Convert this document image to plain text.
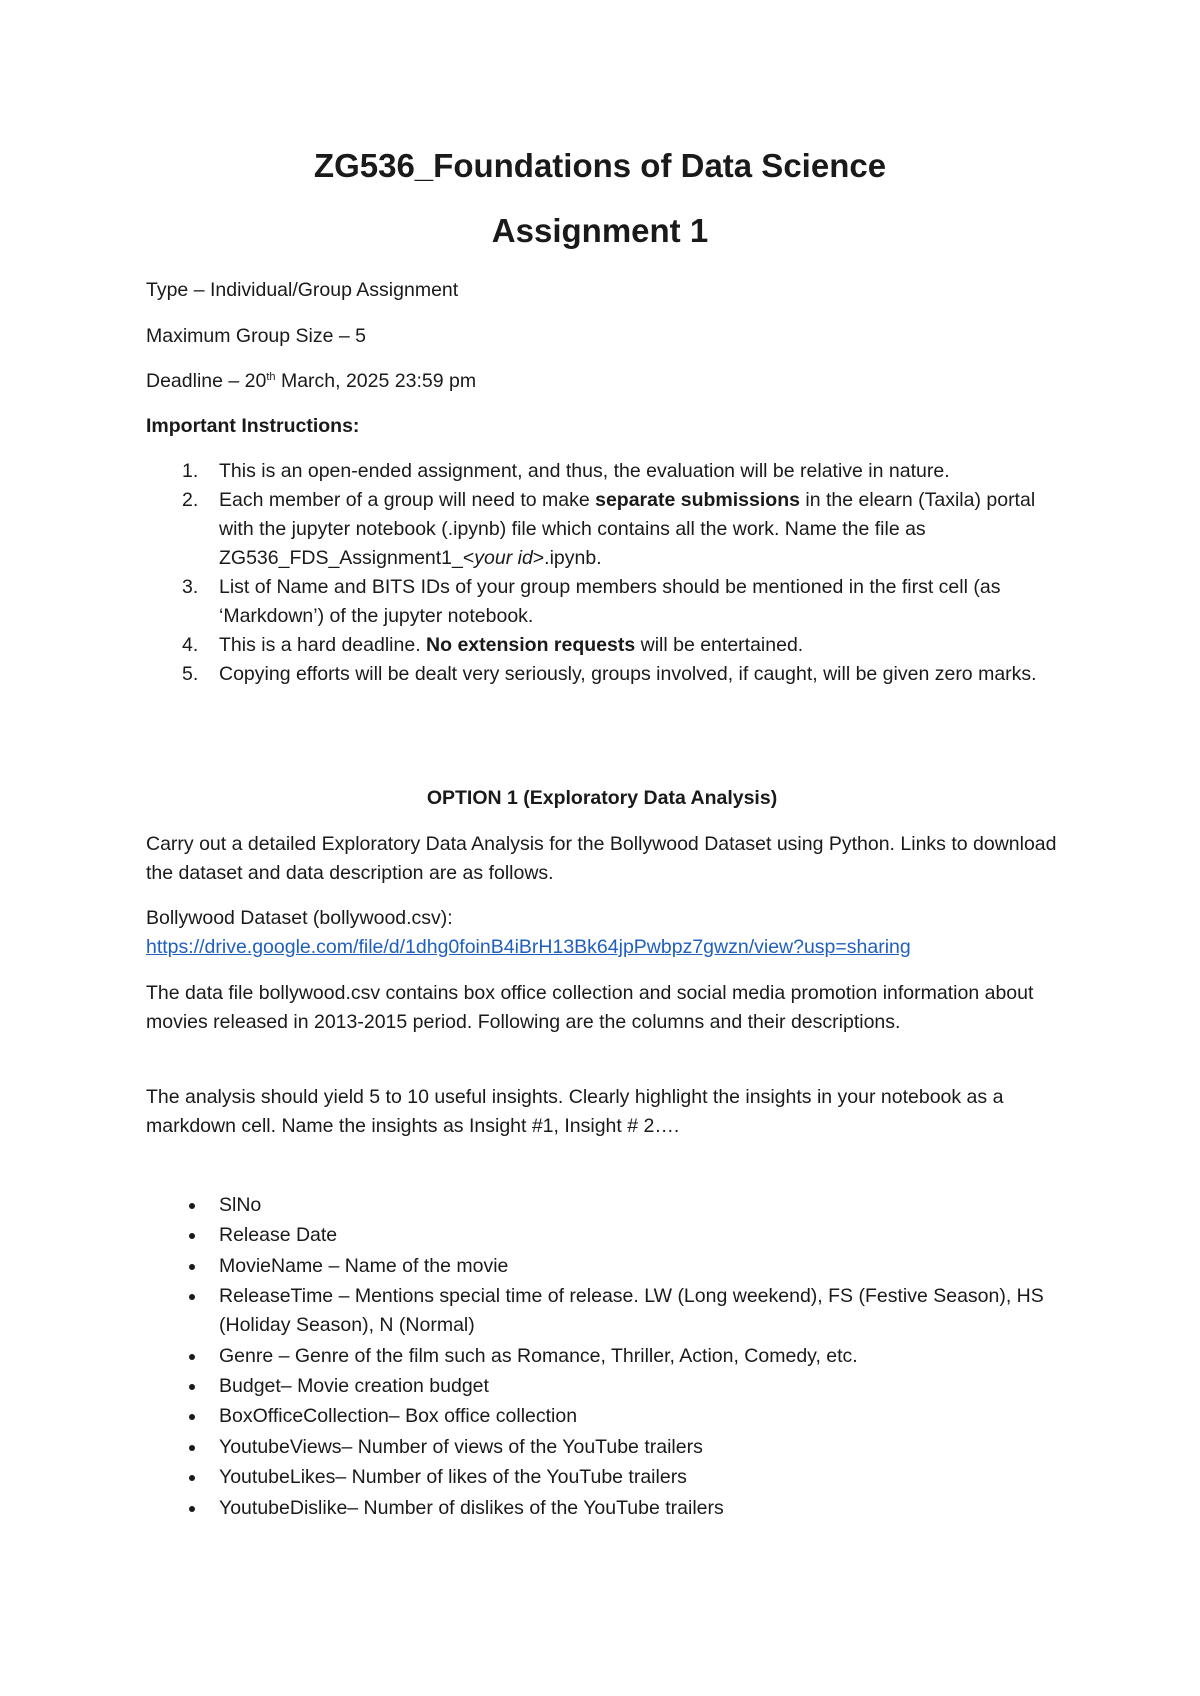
ZG536_Foundations of Data Science
Assignment 1

Type – Individual/Group Assignment

Maximum Group Size – 5

Deadline – 20th March, 2025 23:59 pm

Important Instructions:

1. This is an open-ended assignment, and thus, the evaluation will be relative in nature.
2. Each member of a group will need to make separate submissions in the elearn (Taxila) portal with the jupyter notebook (.ipynb) file which contains all the work. Name the file as ZG536_FDS_Assignment1_<your id>.ipynb.
3. List of Name and BITS IDs of your group members should be mentioned in the first cell (as ‘Markdown’) of the jupyter notebook.
4. This is a hard deadline. No extension requests will be entertained.
5. Copying efforts will be dealt very seriously, groups involved, if caught, will be given zero marks.

OPTION 1 (Exploratory Data Analysis)

Carry out a detailed Exploratory Data Analysis for the Bollywood Dataset using Python. Links to download the dataset and data description are as follows.

Bollywood Dataset (bollywood.csv):

https://drive.google.com/file/d/1dhg0foinB4iBrH13Bk64jpPwbpz7gwzn/view?usp=sharing

The data file bollywood.csv contains box office collection and social media promotion information about movies released in 2013-2015 period. Following are the columns and their descriptions.

The analysis should yield 5 to 10 useful insights. Clearly highlight the insights in your notebook as a markdown cell. Name the insights as Insight #1, Insight # 2….

SlNo
Release Date
MovieName – Name of the movie
ReleaseTime – Mentions special time of release. LW (Long weekend), FS (Festive Season), HS (Holiday Season), N (Normal)
Genre – Genre of the film such as Romance, Thriller, Action, Comedy, etc.
Budget– Movie creation budget
BoxOfficeCollection– Box office collection
YoutubeViews– Number of views of the YouTube trailers
YoutubeLikes– Number of likes of the YouTube trailers
YoutubeDislike– Number of dislikes of the YouTube trailers
